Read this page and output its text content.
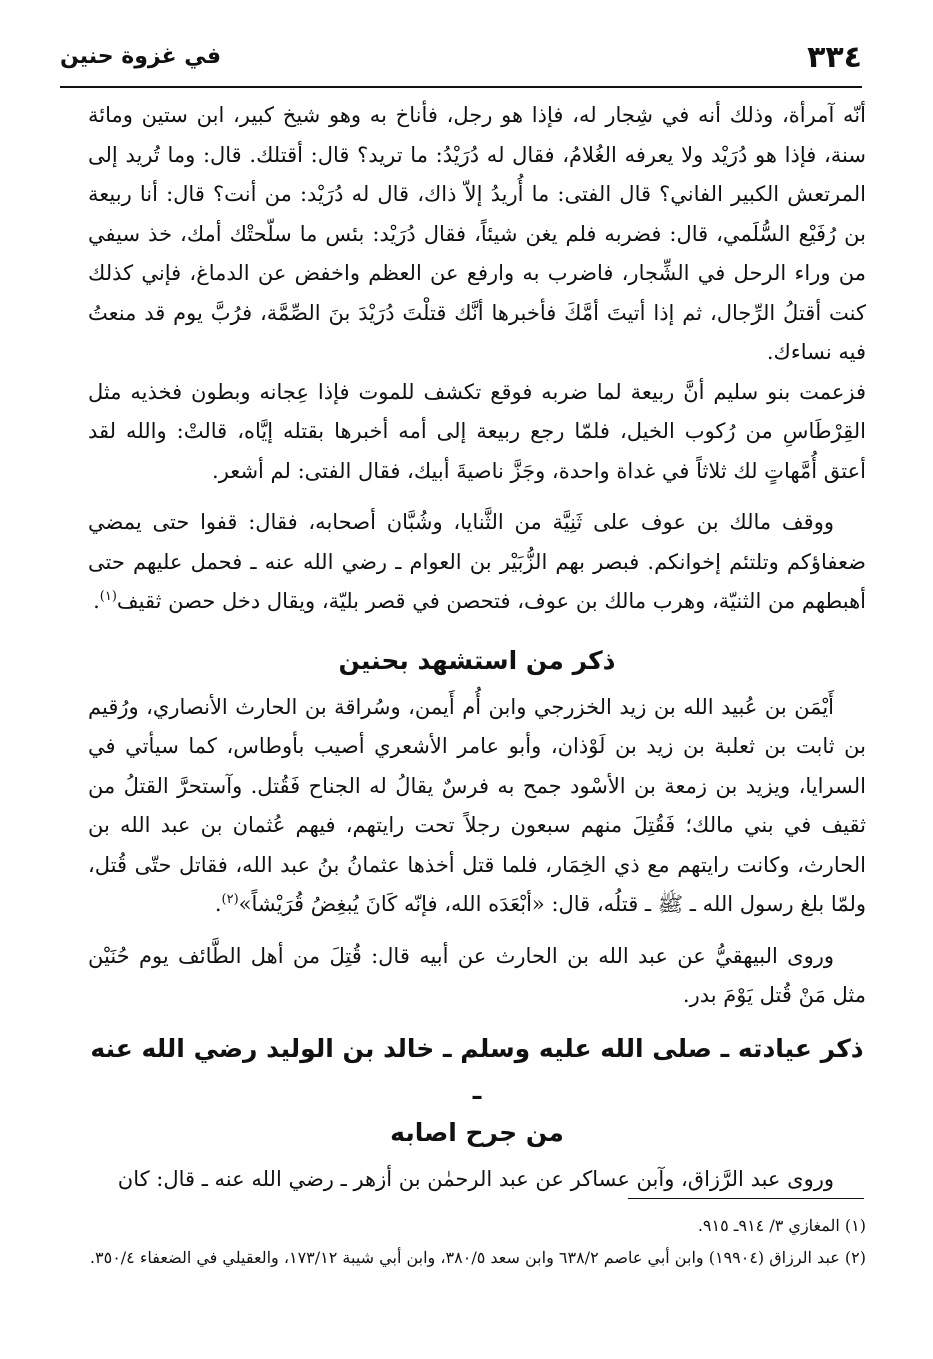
٣٣٤
في غزوة حنين

أنّه آمرأة، وذلك أنه في شِجار له، فإذا هو رجل، فأناخ به وهو شيخ كبير، ابن ستين ومائة سنة، فإذا هو دُرَيْد ولا يعرفه الغُلامُ، فقال له دُرَيْدُ: ما تريد؟ قال: أقتلك. قال: وما تُريد إلى المرتعش الكبير الفاني؟ قال الفتى: ما أُريدُ إلاّ ذاك، قال له دُرَيْد: من أنت؟ قال: أنا ربيعة بن رُفَيْع السُّلَمي، قال: فضربه فلم يغن شيئاً، فقال دُرَيْد: بئس ما سلّحتْك أمك، خذ سيفي من وراء الرحل في الشِّجار، فاضرب به وارفع عن العظم واخفض عن الدماغ، فإني كذلك كنت أقتلُ الرِّجال، ثم إذا أتيتَ أمَّكَ فأخبرها أنَّك قتلْتَ دُرَيْدَ بنَ الصِّمَّة، فرُبَّ يوم قد منعتُ فيه نساءك.

فزعمت بنو سليم أنَّ ربيعة لما ضربه فوقع تكشف للموت فإذا عِجانه وبطون فخذيه مثل القِرْطَاسِ من رُكوب الخيل، فلمّا رجع ربيعة إلى أمه أخبرها بقتله إيَّاه، قالتْ: والله لقد أعتق أُمَّهاتٍ لك ثلاثاً في غداة واحدة، وجَزَّ ناصيةَ أبيك، فقال الفتى: لم أشعر.

ووقف مالك بن عوف على ثَنِيَّة من الثَّنايا، وشُبَّان أصحابه، فقال: قفوا حتى يمضي ضعفاؤكم وتلتئم إخوانكم. فبصر بهم الزُّبَيْر بن العوام ـ رضي الله عنه ـ فحمل عليهم حتى أهبطهم من الثنيّة، وهرب مالك بن عوف، فتحصن في قصر بليّة، ويقال دخل حصن ثقيف$^{(١)}$.

ذكر من استشهد بحنين

أَيْمَن بن عُبيد الله بن زيد الخزرجي وابن أُم أَيمن، وسُراقة بن الحارث الأنصاري، ورُقيم بن ثابت بن ثعلبة بن زيد بن لَوْذان، وأبو عامر الأشعري أصيب بأوطاس، كما سيأتي في السرايا، ويزيد بن زمعة بن الأسْود جمح به فرسٌ يقالُ له الجناح فَقُتل. وآستحرَّ القتلُ من ثقيف في بني مالك؛ فَقُتِلَ منهم سبعون رجلاً تحت رايتهم، فيهم عُثمان بن عبد الله بن الحارث، وكانت رايتهم مع ذي الخِمَار، فلما قتل أخذها عثمانُ بنُ عبد الله، فقاتل حتّى قُتل، ولمّا بلغ رسول الله ـ ﷺ ـ قتلُه، قال: «أبْعَدَه الله، فإنّه كَانَ يُبغِضُ قُرَيْشاً»$^{(٢)}$.

وروى البيهقيُّ عن عبد الله بن الحارث عن أبيه قال: قُتِلَ من أهل الطَّائف يوم حُنَيْن مثل مَنْ قُتل يَوْمَ بدر.

ذكر عيادته ـ صلى الله عليه وسلم ـ خالد بن الوليد رضي الله عنه ـ
من جرح اصابه

وروى عبد الرَّزاق، وآبن عساكر عن عبد الرحمٰن بن أزهر ـ رضي الله عنه ـ قال: كان

(١) المغازي ٣/ ٩١٤ـ ٩١٥.

(٢) عبد الرزاق (١٩٩٠٤) وابن أبي عاصم ٦٣٨/٢ وابن سعد ٣٨٠/٥، وابن أبي شيبة ١٧٣/١٢، والعقيلي في الضعفاء ٣٥٠/٤.
